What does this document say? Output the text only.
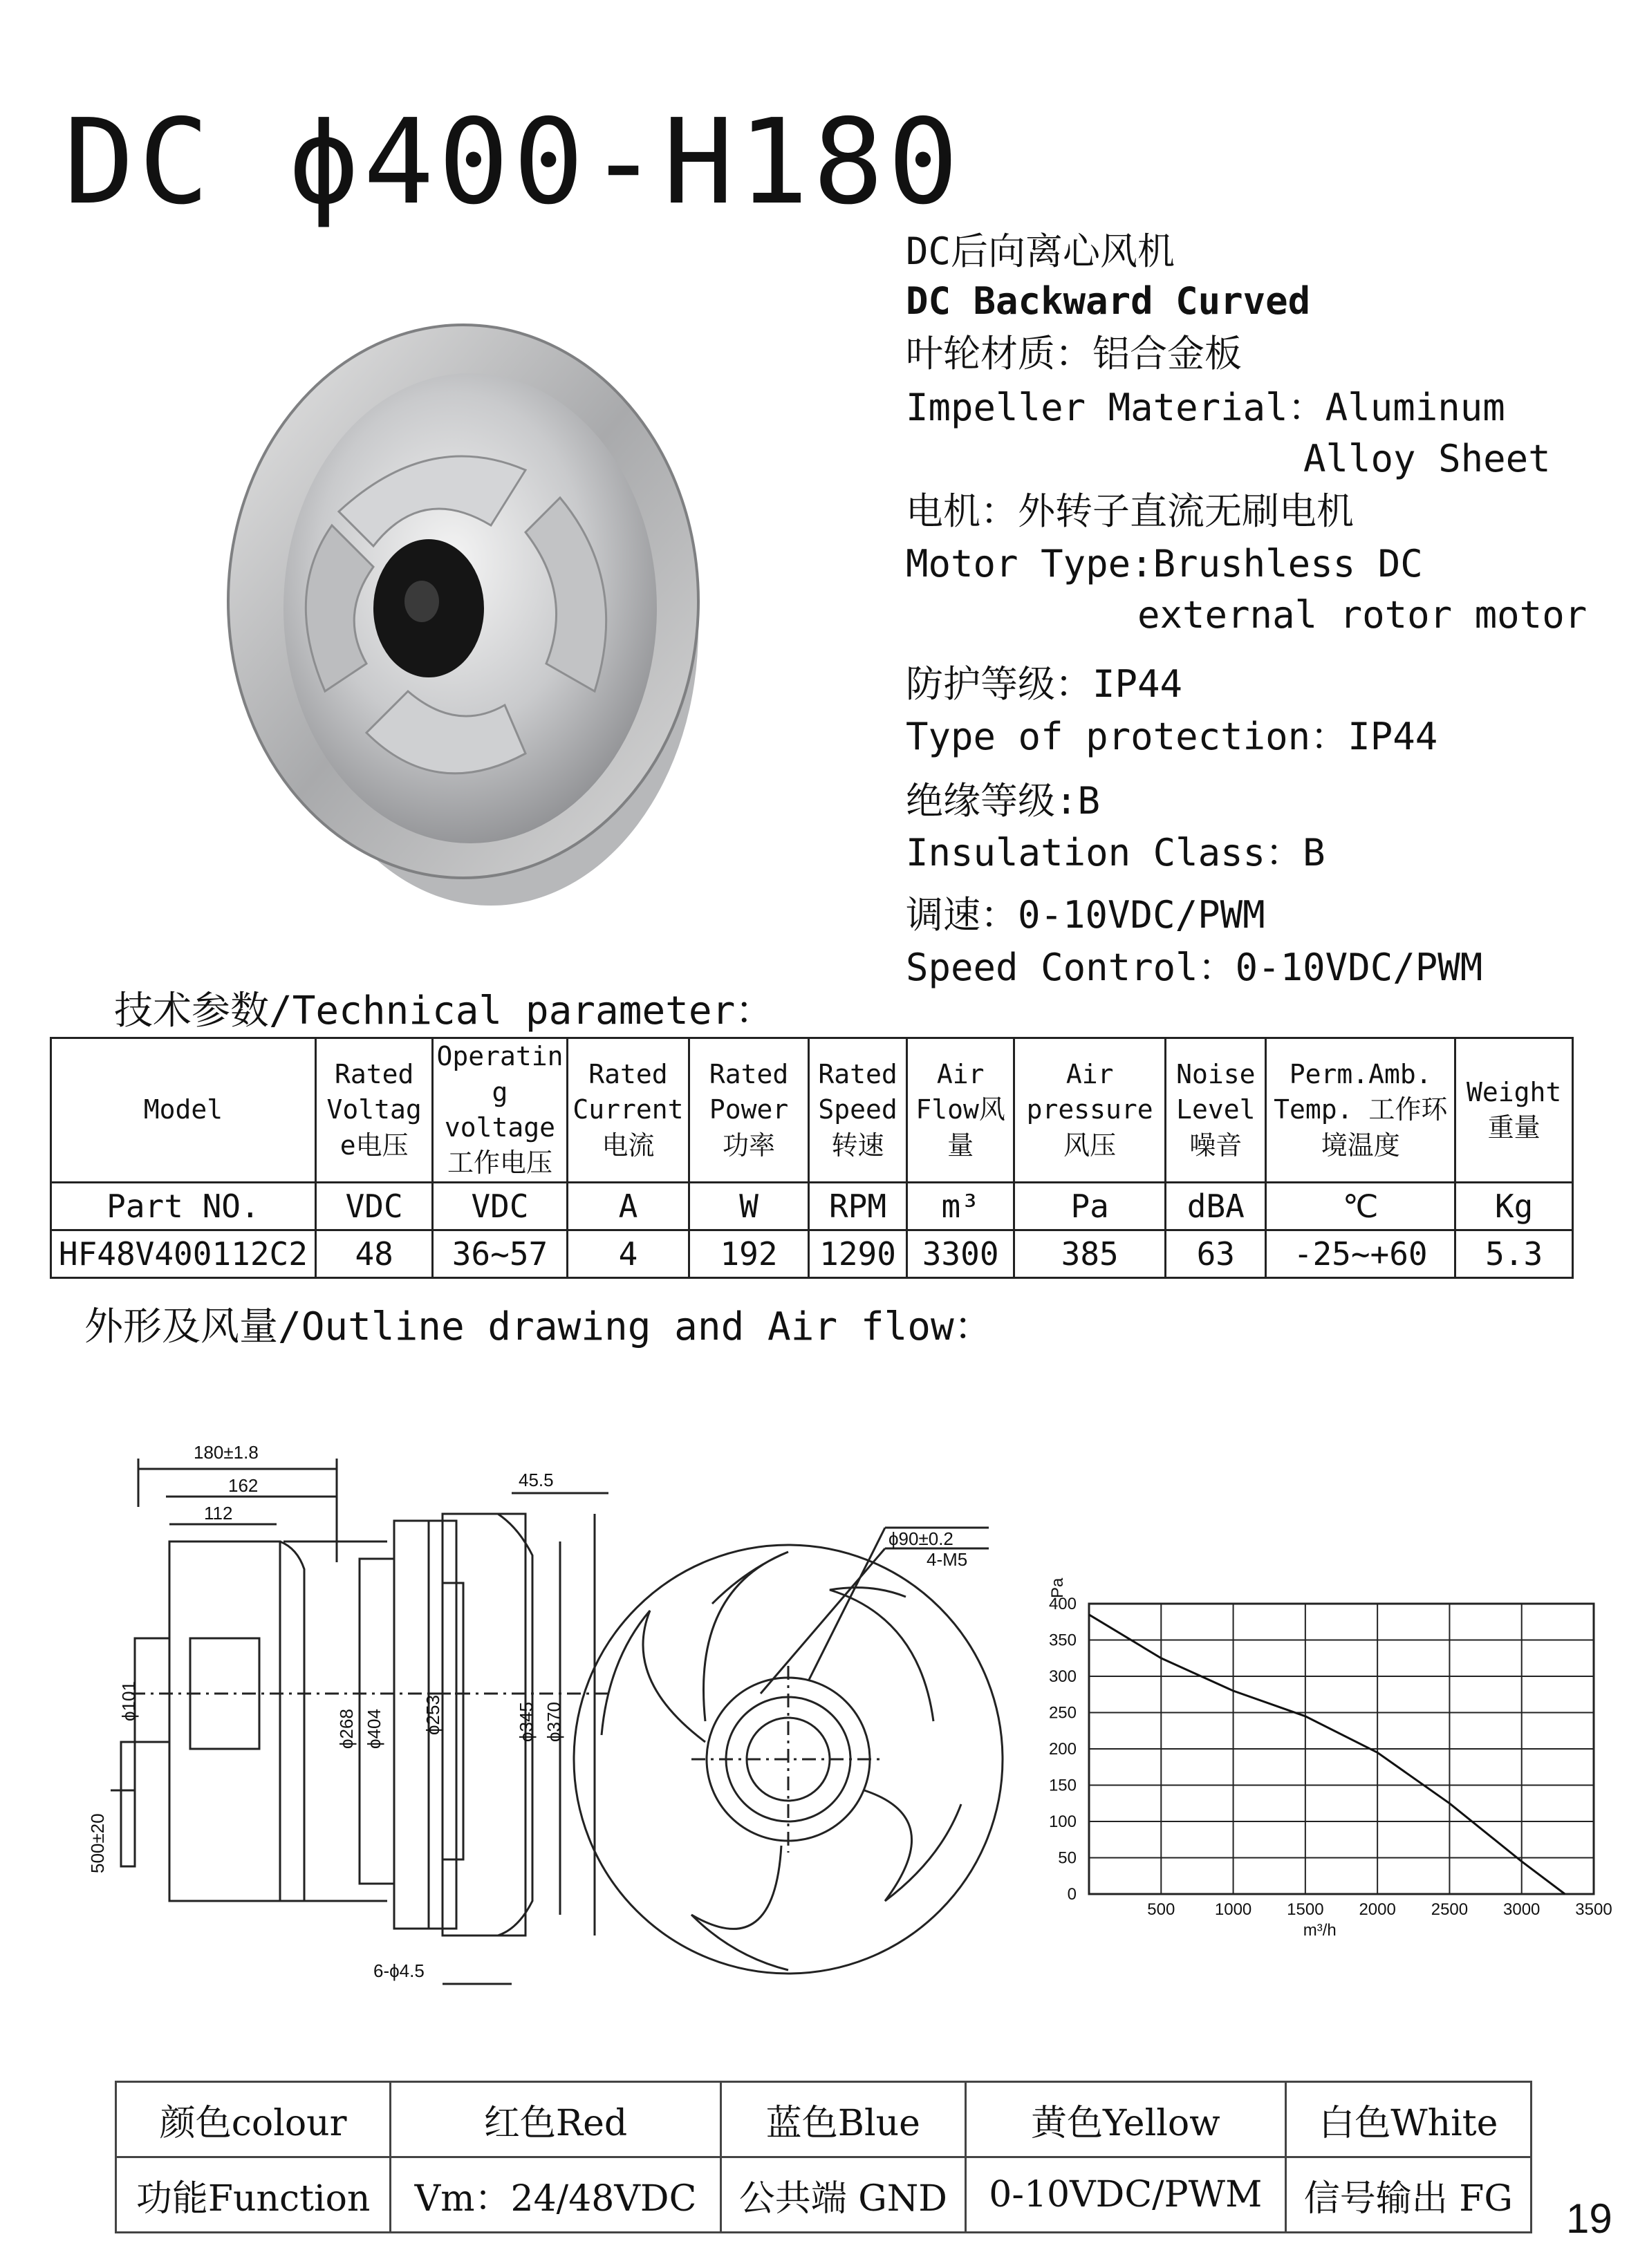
DC ϕ400-H180
DC后向离心风机
DC Backward Curved
叶轮材质：铝合金板
Impeller Material：Aluminum
Alloy Sheet
电机：外转子直流无刷电机
Motor Type:Brushless DC
external rotor motor
防护等级：IP44
Type of protection：IP44
绝缘等级:B
Insulation Class：B
调速：0-10VDC/PWM
Speed Control：0-10VDC/PWM
技术参数/Technical parameter：
Model	Rated Voltag e电压	Operatin g voltage 工作电压	Rated Current 电流	Rated Power 功率	Rated Speed 转速	Air Flow风 量	Air pressure 风压	Noise Level 噪音	Perm.Amb. Temp. 工作环境温度	Weight 重量
Part NO.	VDC	VDC	A	W	RPM	m³	Pa	dBA	℃	Kg
HF48V400112C2	48	36~57	4	192	1290	3300	385	63	-25~+60	5.3
外形及风量/Outline drawing and Air flow：
180±1.8
162
112
ϕ101
ϕ268 ϕ404
500±20
45.5
ϕ253	ϕ345 ϕ370
6-ϕ4.5
ϕ90±0.2
4-M5
500 1000 1500 2000 2500 3000 3500
0
50
100
150
200
250
300
350
400
m³/h
Pa
颜色colour	红色Red	蓝色Blue	黄色Yellow	白色White
功能Function	Vm：24/48VDC	公共端 GND	0-10VDC/PWM	信号输出 FG 19
